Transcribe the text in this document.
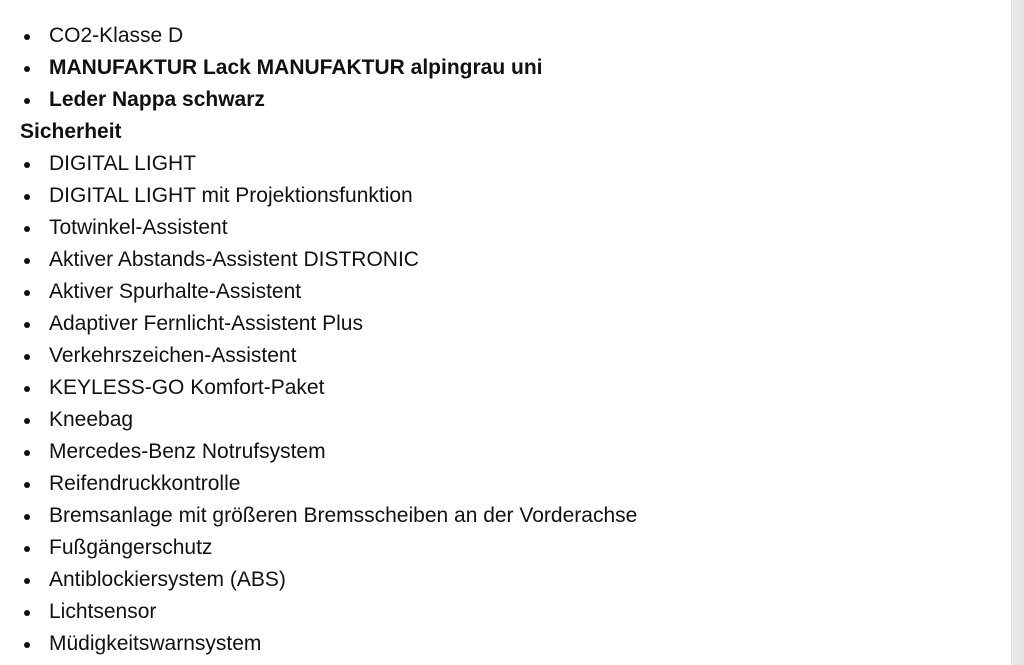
CO2-Klasse D
MANUFAKTUR Lack MANUFAKTUR alpingrau uni
Leder Nappa schwarz
Sicherheit
DIGITAL LIGHT
DIGITAL LIGHT mit Projektionsfunktion
Totwinkel-Assistent
Aktiver Abstands-Assistent DISTRONIC
Aktiver Spurhalte-Assistent
Adaptiver Fernlicht-Assistent Plus
Verkehrszeichen-Assistent
KEYLESS-GO Komfort-Paket
Kneebag
Mercedes-Benz Notrufsystem
Reifendruckkontrolle
Bremsanlage mit größeren Bremsscheiben an der Vorderachse
Fußgängerschutz
Antiblockiersystem (ABS)
Lichtsensor
Müdigkeitswarnsystem
